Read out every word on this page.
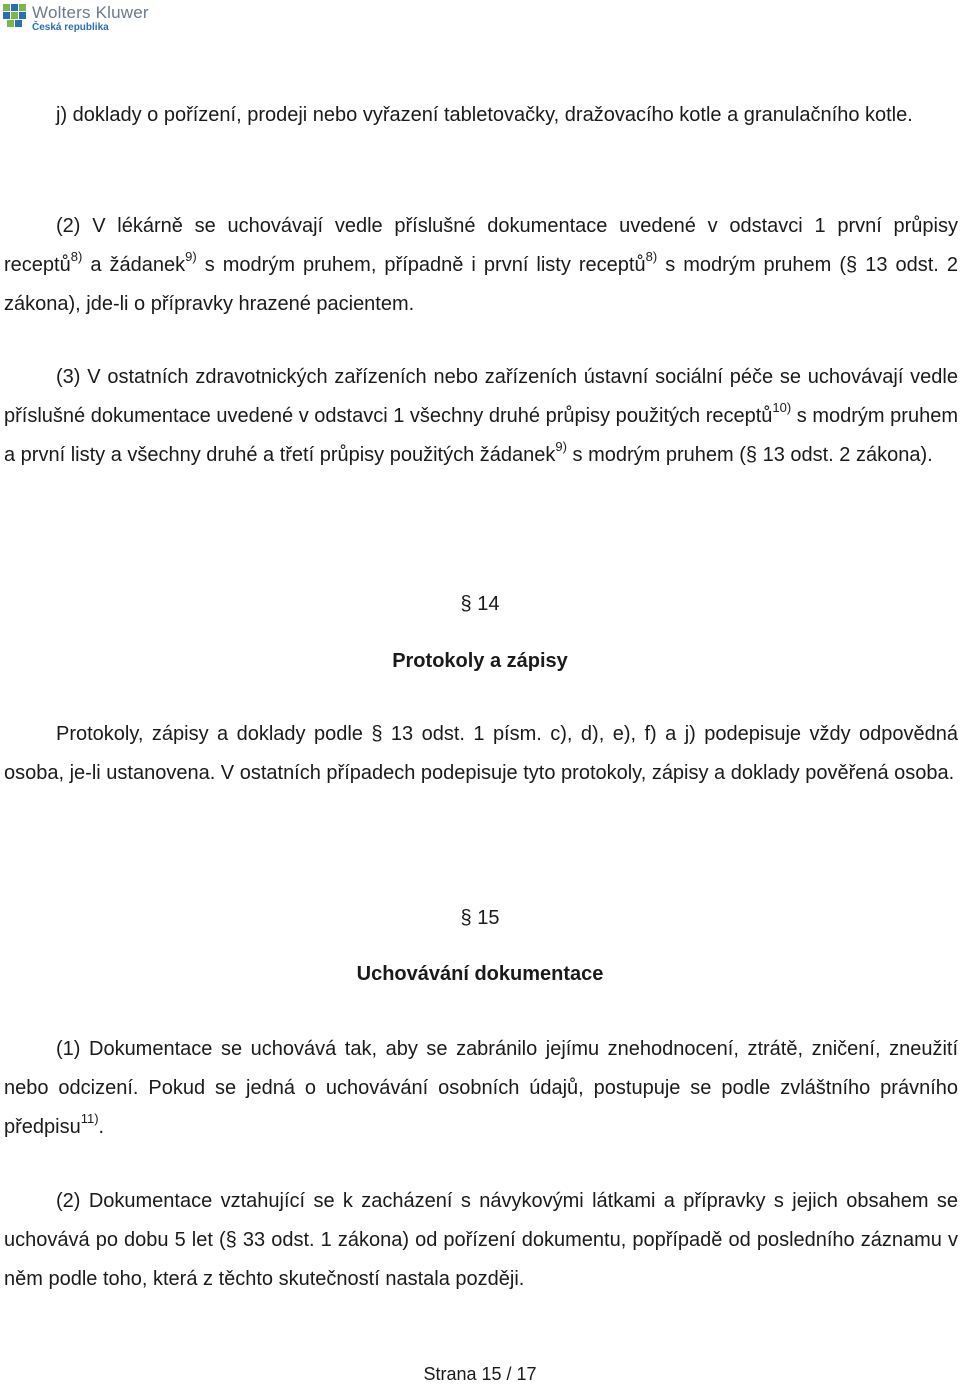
Wolters Kluwer
Česká republika

j) doklady o pořízení, prodeji nebo vyřazení tabletovačky, dražovacího kotle a granulačního kotle.

(2) V lékárně se uchovávají vedle příslušné dokumentace uvedené v odstavci 1 první průpisy receptů$^{8)}$ a žádanek$^{9)}$ s modrým pruhem, případně i první listy receptů$^{8)}$ s modrým pruhem (§ 13 odst. 2 zákona), jde-li o přípravky hrazené pacientem.

(3) V ostatních zdravotnických zařízeních nebo zařízeních ústavní sociální péče se uchovávají vedle příslušné dokumentace uvedené v odstavci 1 všechny druhé průpisy použitých receptů$^{10)}$ s modrým pruhem a první listy a všechny druhé a třetí průpisy použitých žádanek$^{9)}$ s modrým pruhem (§ 13 odst. 2 zákona).

§ 14

Protokoly a zápisy

Protokoly, zápisy a doklady podle § 13 odst. 1 písm. c), d), e), f) a j) podepisuje vždy odpovědná osoba, je-li ustanovena. V ostatních případech podepisuje tyto protokoly, zápisy a doklady pověřená osoba.

§ 15

Uchovávání dokumentace

(1) Dokumentace se uchovává tak, aby se zabránilo jejímu znehodnocení, ztrátě, zničení, zneužití nebo odcizení. Pokud se jedná o uchovávání osobních údajů, postupuje se podle zvláštního právního předpisu$^{11)}$.

(2) Dokumentace vztahující se k zacházení s návykovými látkami a přípravky s jejich obsahem se uchovává po dobu 5 let (§ 33 odst. 1 zákona) od pořízení dokumentu, popřípadě od posledního záznamu v něm podle toho, která z těchto skutečností nastala později.

Strana 15 / 17
